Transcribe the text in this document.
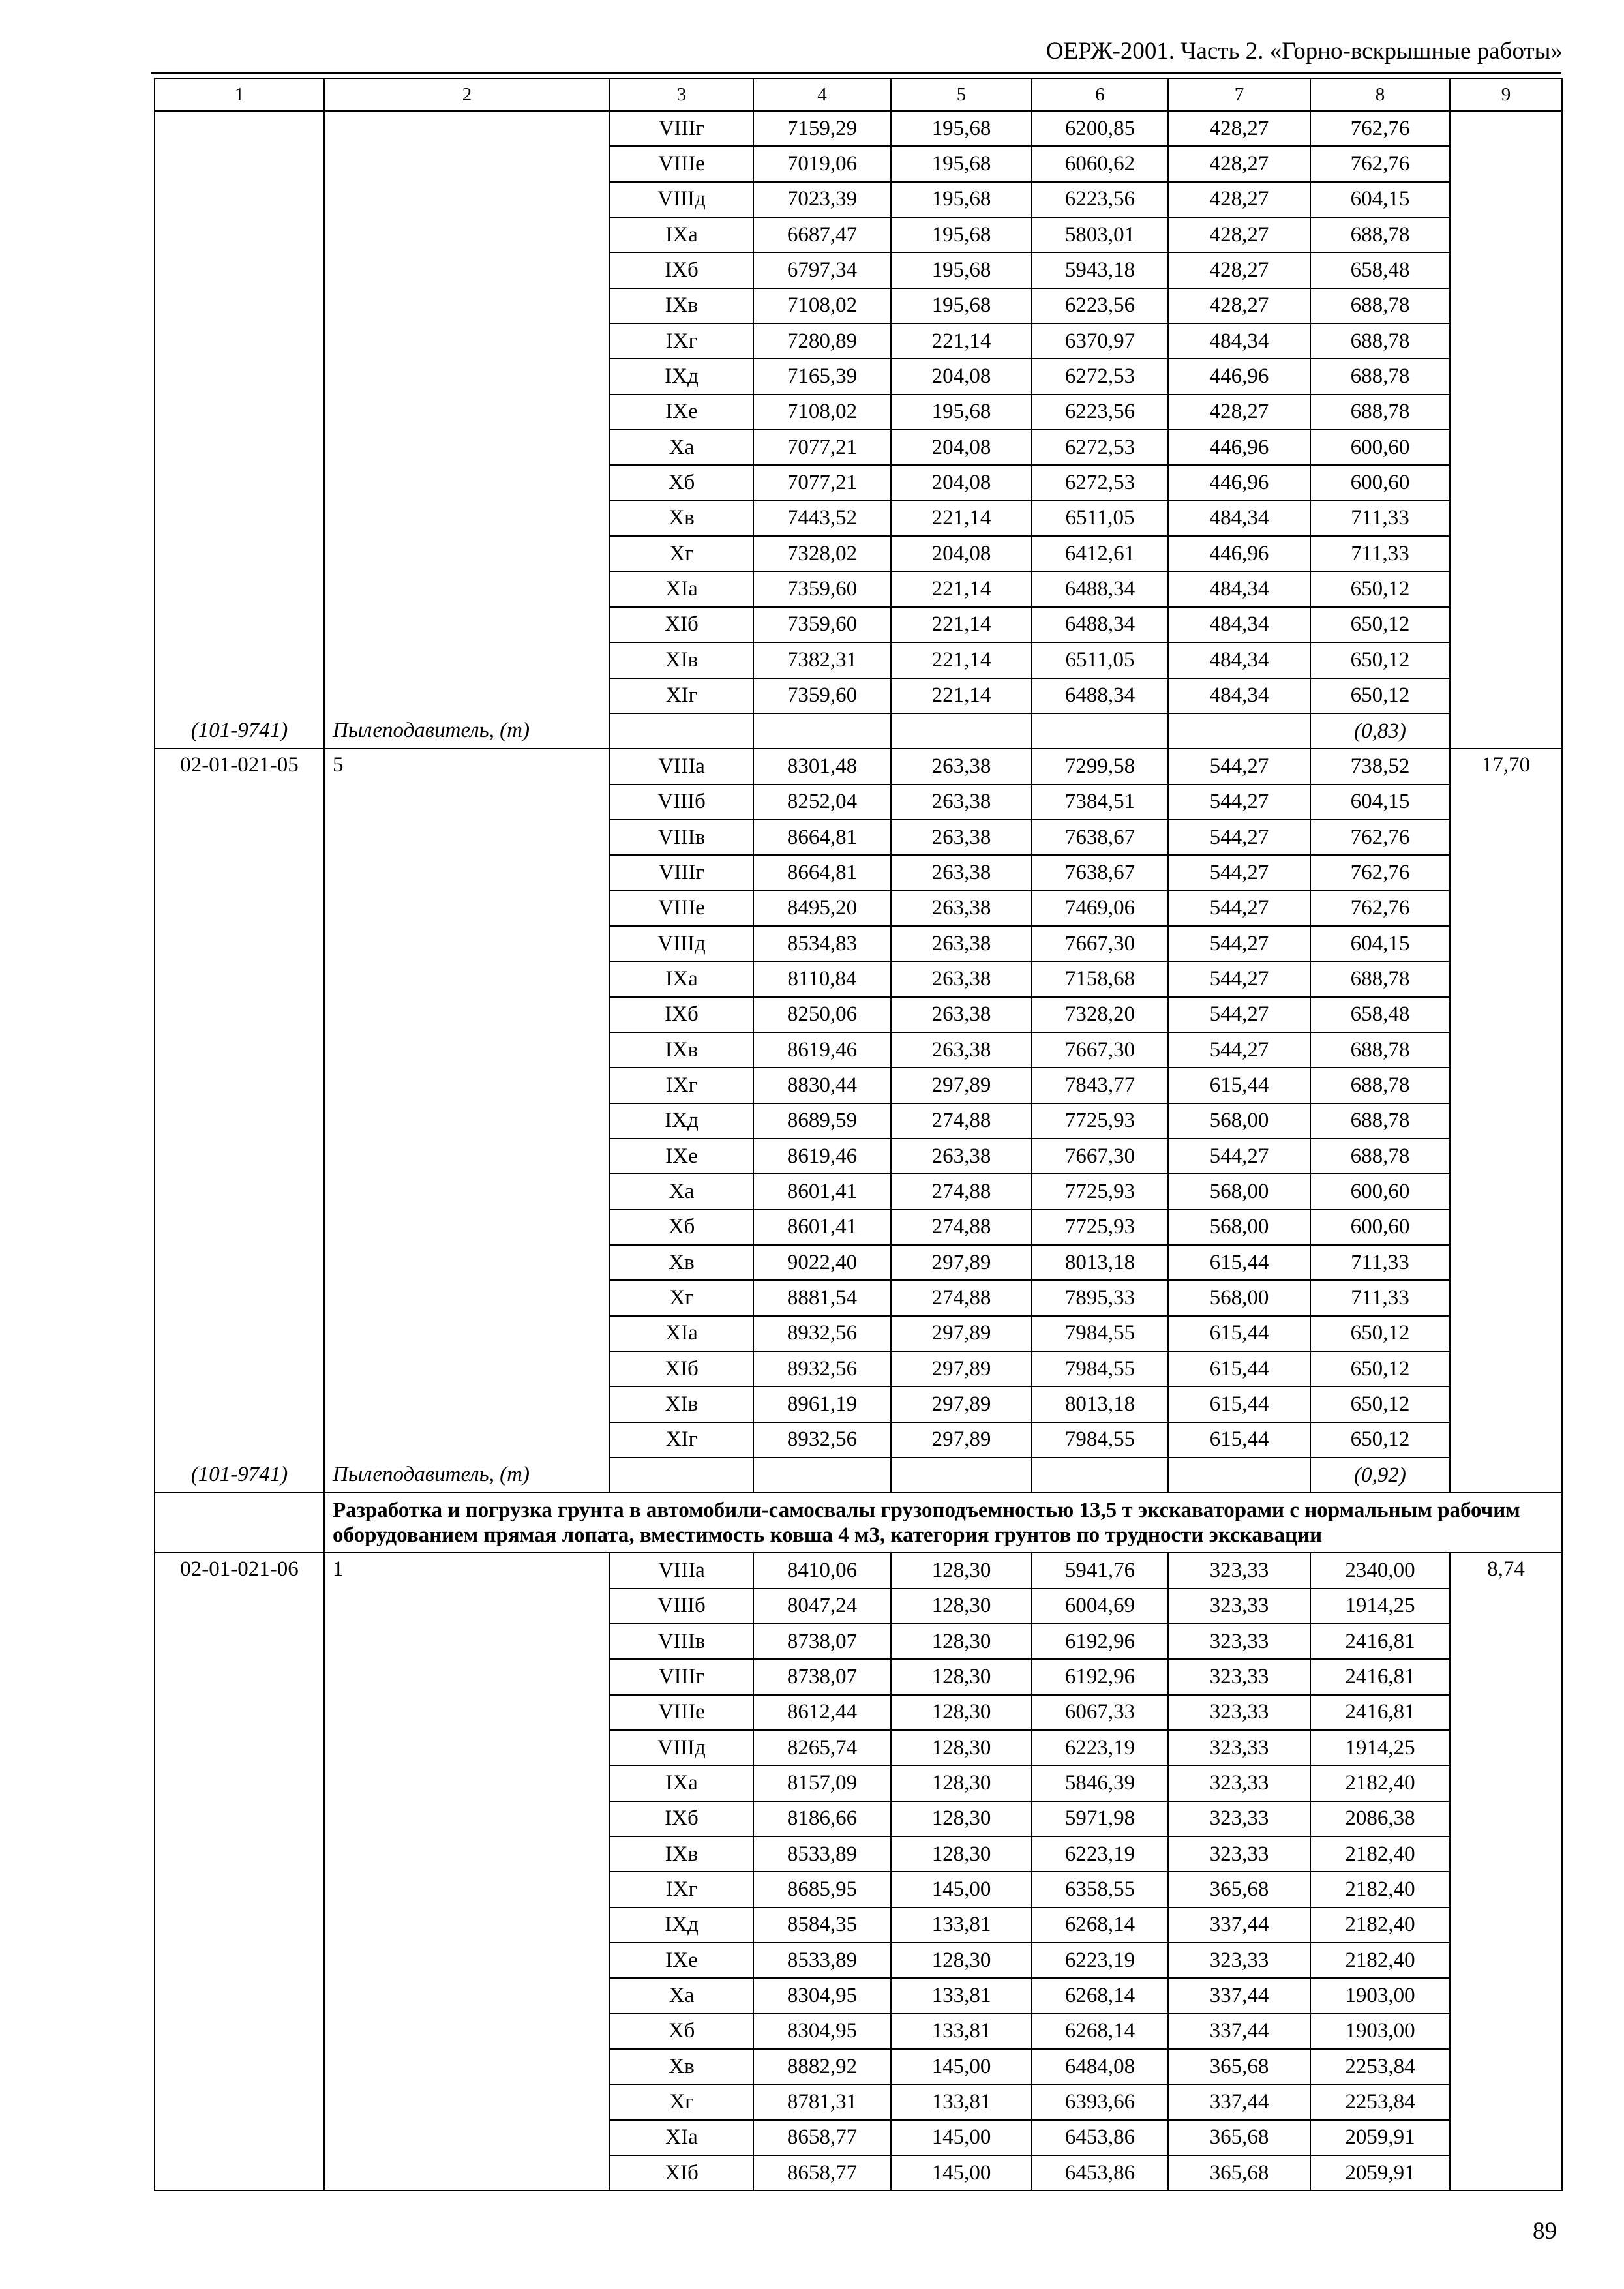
ОЕРЖ-2001. Часть 2. «Горно-вскрышные работы»
1	2	3	4	5	6	7	8	9
		VIIIг	7159,29	195,68	6200,85	428,27	762,76	
		VIIIе	7019,06	195,68	6060,62	428,27	762,76	
		VIIIд	7023,39	195,68	6223,56	428,27	604,15	
		IXа	6687,47	195,68	5803,01	428,27	688,78	
		IXб	6797,34	195,68	5943,18	428,27	658,48	
		IXв	7108,02	195,68	6223,56	428,27	688,78	
		IXг	7280,89	221,14	6370,97	484,34	688,78	
		IXд	7165,39	204,08	6272,53	446,96	688,78	
		IXе	7108,02	195,68	6223,56	428,27	688,78	
		Xа	7077,21	204,08	6272,53	446,96	600,60	
		Xб	7077,21	204,08	6272,53	446,96	600,60	
		Xв	7443,52	221,14	6511,05	484,34	711,33	
		Xг	7328,02	204,08	6412,61	446,96	711,33	
		XIа	7359,60	221,14	6488,34	484,34	650,12	
		XIб	7359,60	221,14	6488,34	484,34	650,12	
		XIв	7382,31	221,14	6511,05	484,34	650,12	
		XIг	7359,60	221,14	6488,34	484,34	650,12	
(101-9741)	Пылеподавитель, (т)						(0,83)	
02-01-021-05	5	VIIIа	8301,48	263,38	7299,58	544,27	738,52	17,70
		VIIIб	8252,04	263,38	7384,51	544,27	604,15	
		VIIIв	8664,81	263,38	7638,67	544,27	762,76	
		VIIIг	8664,81	263,38	7638,67	544,27	762,76	
		VIIIе	8495,20	263,38	7469,06	544,27	762,76	
		VIIIд	8534,83	263,38	7667,30	544,27	604,15	
		IXа	8110,84	263,38	7158,68	544,27	688,78	
		IXб	8250,06	263,38	7328,20	544,27	658,48	
		IXв	8619,46	263,38	7667,30	544,27	688,78	
		IXг	8830,44	297,89	7843,77	615,44	688,78	
		IXд	8689,59	274,88	7725,93	568,00	688,78	
		IXе	8619,46	263,38	7667,30	544,27	688,78	
		Xа	8601,41	274,88	7725,93	568,00	600,60	
		Xб	8601,41	274,88	7725,93	568,00	600,60	
		Xв	9022,40	297,89	8013,18	615,44	711,33	
		Xг	8881,54	274,88	7895,33	568,00	711,33	
		XIа	8932,56	297,89	7984,55	615,44	650,12	
		XIб	8932,56	297,89	7984,55	615,44	650,12	
		XIв	8961,19	297,89	8013,18	615,44	650,12	
		XIг	8932,56	297,89	7984,55	615,44	650,12	
(101-9741)	Пылеподавитель, (т)						(0,92)	
	Разработка и погрузка грунта в автомобили-самосвалы грузоподъемностью 13,5 т экскаваторами с нормальным рабочим оборудованием прямая лопата, вместимость ковша 4 м3, категория грунтов по трудности экскавации							
02-01-021-06	1	VIIIа	8410,06	128,30	5941,76	323,33	2340,00	8,74
		VIIIб	8047,24	128,30	6004,69	323,33	1914,25	
		VIIIв	8738,07	128,30	6192,96	323,33	2416,81	
		VIIIг	8738,07	128,30	6192,96	323,33	2416,81	
		VIIIе	8612,44	128,30	6067,33	323,33	2416,81	
		VIIIд	8265,74	128,30	6223,19	323,33	1914,25	
		IXа	8157,09	128,30	5846,39	323,33	2182,40	
		IXб	8186,66	128,30	5971,98	323,33	2086,38	
		IXв	8533,89	128,30	6223,19	323,33	2182,40	
		IXг	8685,95	145,00	6358,55	365,68	2182,40	
		IXд	8584,35	133,81	6268,14	337,44	2182,40	
		IXе	8533,89	128,30	6223,19	323,33	2182,40	
		Xа	8304,95	133,81	6268,14	337,44	1903,00	
		Xб	8304,95	133,81	6268,14	337,44	1903,00	
		Xв	8882,92	145,00	6484,08	365,68	2253,84	
		Xг	8781,31	133,81	6393,66	337,44	2253,84	
		XIа	8658,77	145,00	6453,86	365,68	2059,91	
		XIб	8658,77	145,00	6453,86	365,68	2059,91	
89
